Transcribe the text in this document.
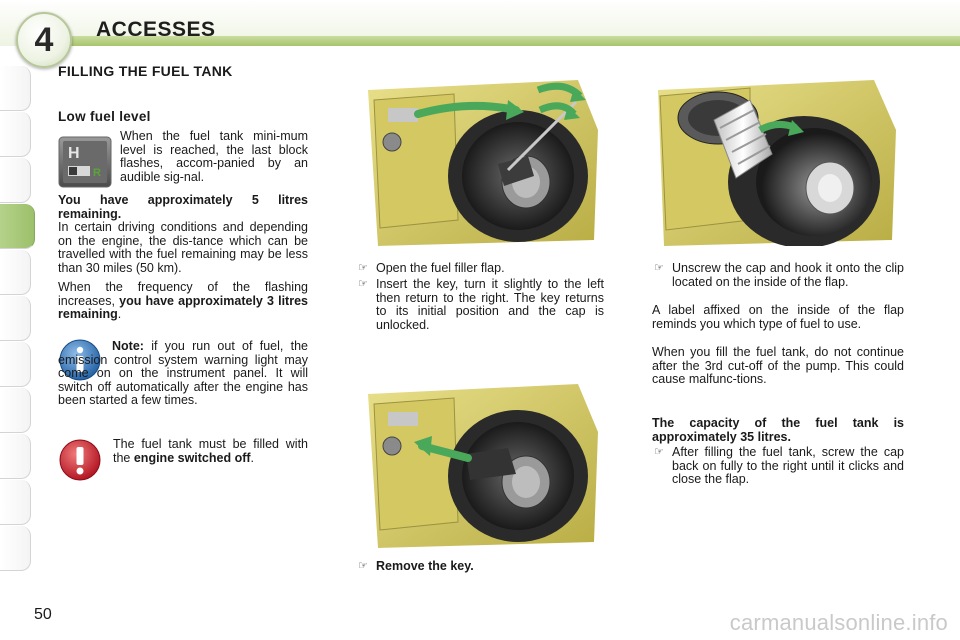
4 ACCESSES
FILLING THE FUEL TANK
Low fuel level
H
R
When the fuel tank mini-mum level is reached, the last block flashes, accom-panied by an audible sig-nal.
You have approximately 5 litres remaining.
In certain driving conditions and depending on the engine, the dis-tance which can be travelled with the fuel remaining may be less than 30 miles (50 km).
When the frequency of the flashing increases, you have approximately 3 litres remaining.
Note: if you run out of fuel, the emission control system warning light may come on on the instrument panel. It will switch off automatically after the engine has been started a few times.
The fuel tank must be filled with the engine switched off.
☞ Open the fuel filler flap.
☞ Insert the key, turn it slightly to the left then return to the right. The key returns to its initial position and the cap is unlocked.
☞ Remove the key.
☞ Unscrew the cap and hook it onto the clip located on the inside of the flap.
A label affixed on the inside of the flap reminds you which type of fuel to use.
When you fill the fuel tank, do not continue after the 3rd cut-off of the pump. This could cause malfunc-tions.
The capacity of the fuel tank is approximately 35 litres.
☞ After filling the fuel tank, screw the cap back on fully to the right until it clicks and close the flap.
50	carmanualsonline.info
